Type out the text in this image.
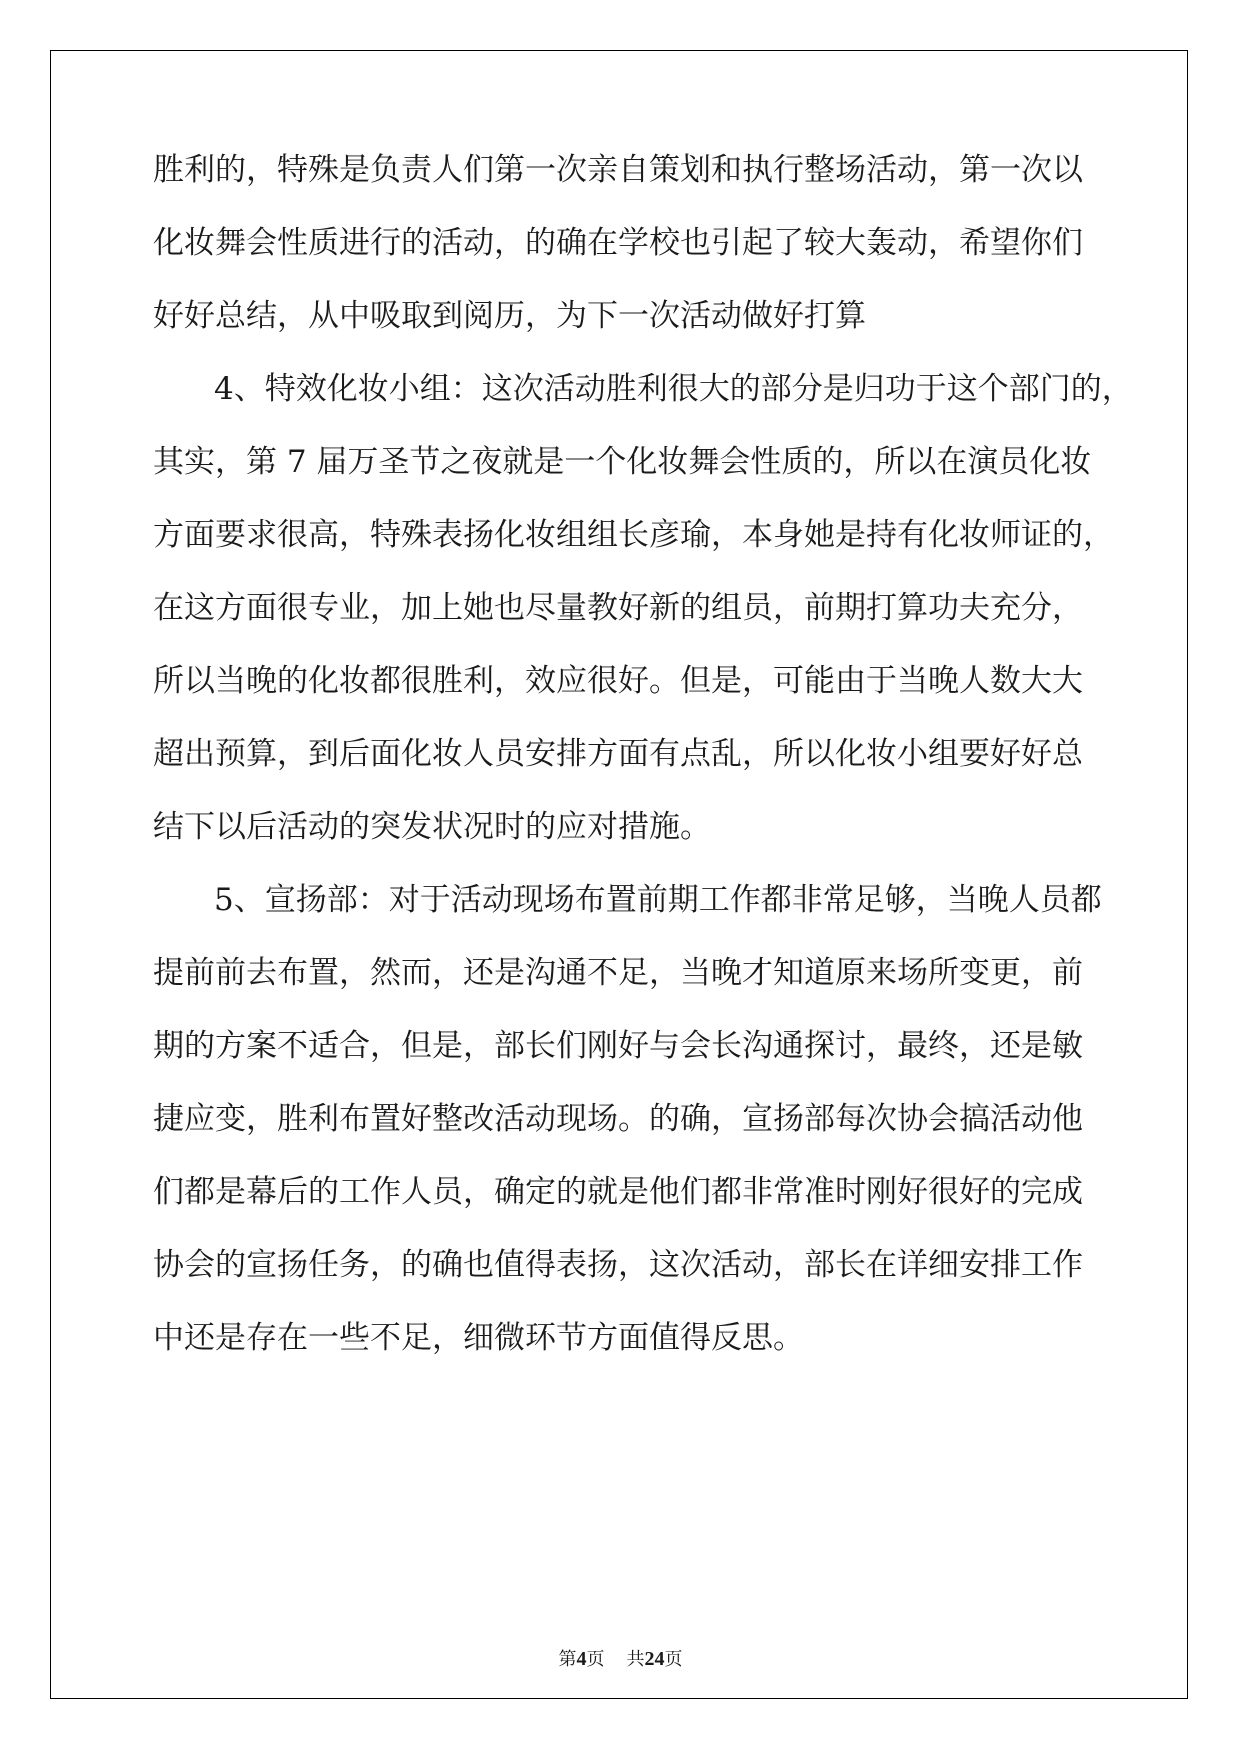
胜利的，特殊是负责人们第一次亲自策划和执行整场活动，第一次以
化妆舞会性质进行的活动，的确在学校也引起了较大轰动，希望你们
好好总结，从中吸取到阅历，为下一次活动做好打算
4、特效化妆小组：这次活动胜利很大的部分是归功于这个部门的，
其实，第 7 届万圣节之夜就是一个化妆舞会性质的，所以在演员化妆
方面要求很高，特殊表扬化妆组组长彦瑜，本身她是持有化妆师证的，
在这方面很专业，加上她也尽量教好新的组员，前期打算功夫充分，
所以当晚的化妆都很胜利，效应很好。但是，可能由于当晚人数大大
超出预算，到后面化妆人员安排方面有点乱，所以化妆小组要好好总
结下以后活动的突发状况时的应对措施。
5、宣扬部：对于活动现场布置前期工作都非常足够，当晚人员都
提前前去布置，然而，还是沟通不足，当晚才知道原来场所变更，前
期的方案不适合，但是，部长们刚好与会长沟通探讨，最终，还是敏
捷应变，胜利布置好整改活动现场。的确，宣扬部每次协会搞活动他
们都是幕后的工作人员，确定的就是他们都非常准时刚好很好的完成
协会的宣扬任务，的确也值得表扬，这次活动，部长在详细安排工作
中还是存在一些不足，细微环节方面值得反思。
第4页 共24页
